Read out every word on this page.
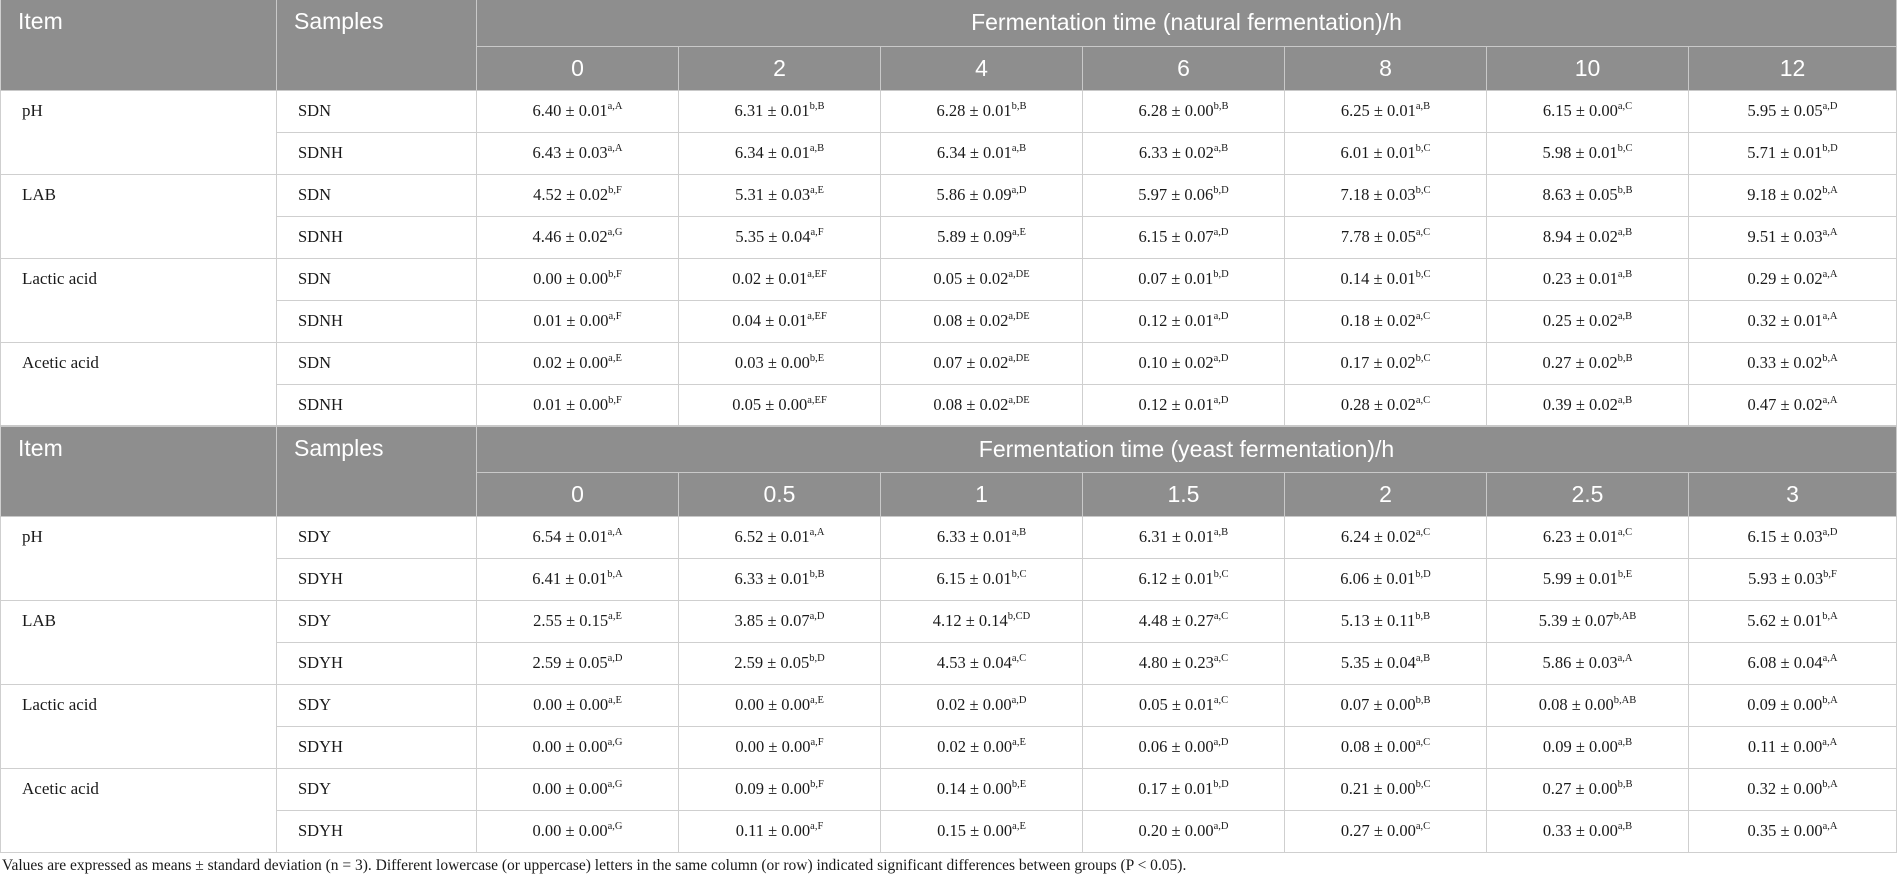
Item	Samples	Fermentation time (natural fermentation)/h						
		0	2	4	6	8	10	12
pH	SDN	$6.40 \pm 0.01^{a,A}$	$6.31 \pm 0.01^{b,B}$	$6.28 \pm 0.01^{b,B}$	$6.28 \pm 0.00^{b,B}$	$6.25 \pm 0.01^{a,B}$	$6.15 \pm 0.00^{a,C}$	$5.95 \pm 0.05^{a,D}$
	SDNH	$6.43 \pm 0.03^{a,A}$	$6.34 \pm 0.01^{a,B}$	$6.34 \pm 0.01^{a,B}$	$6.33 \pm 0.02^{a,B}$	$6.01 \pm 0.01^{b,C}$	$5.98 \pm 0.01^{b,C}$	$5.71 \pm 0.01^{b,D}$
LAB	SDN	$4.52 \pm 0.02^{b,F}$	$5.31 \pm 0.03^{a,E}$	$5.86 \pm 0.09^{a,D}$	$5.97 \pm 0.06^{b,D}$	$7.18 \pm 0.03^{b,C}$	$8.63 \pm 0.05^{b,B}$	$9.18 \pm 0.02^{b,A}$
	SDNH	$4.46 \pm 0.02^{a,G}$	$5.35 \pm 0.04^{a,F}$	$5.89 \pm 0.09^{a,E}$	$6.15 \pm 0.07^{a,D}$	$7.78 \pm 0.05^{a,C}$	$8.94 \pm 0.02^{a,B}$	$9.51 \pm 0.03^{a,A}$
Lactic acid	SDN	$0.00 \pm 0.00^{b,F}$	$0.02 \pm 0.01^{a,EF}$	$0.05 \pm 0.02^{a,DE}$	$0.07 \pm 0.01^{b,D}$	$0.14 \pm 0.01^{b,C}$	$0.23 \pm 0.01^{a,B}$	$0.29 \pm 0.02^{a,A}$
	SDNH	$0.01 \pm 0.00^{a,F}$	$0.04 \pm 0.01^{a,EF}$	$0.08 \pm 0.02^{a,DE}$	$0.12 \pm 0.01^{a,D}$	$0.18 \pm 0.02^{a,C}$	$0.25 \pm 0.02^{a,B}$	$0.32 \pm 0.01^{a,A}$
Acetic acid	SDN	$0.02 \pm 0.00^{a,E}$	$0.03 \pm 0.00^{b,E}$	$0.07 \pm 0.02^{a,DE}$	$0.10 \pm 0.02^{a,D}$	$0.17 \pm 0.02^{b,C}$	$0.27 \pm 0.02^{b,B}$	$0.33 \pm 0.02^{b,A}$
	SDNH	$0.01 \pm 0.00^{b,F}$	$0.05 \pm 0.00^{a,EF}$	$0.08 \pm 0.02^{a,DE}$	$0.12 \pm 0.01^{a,D}$	$0.28 \pm 0.02^{a,C}$	$0.39 \pm 0.02^{a,B}$	$0.47 \pm 0.02^{a,A}$
Item	Samples	Fermentation time (yeast fermentation)/h						
		0	0.5	1	1.5	2	2.5	3
pH	SDY	$6.54 \pm 0.01^{a,A}$	$6.52 \pm 0.01^{a,A}$	$6.33 \pm 0.01^{a,B}$	$6.31 \pm 0.01^{a,B}$	$6.24 \pm 0.02^{a,C}$	$6.23 \pm 0.01^{a,C}$	$6.15 \pm 0.03^{a,D}$
	SDYH	$6.41 \pm 0.01^{b,A}$	$6.33 \pm 0.01^{b,B}$	$6.15 \pm 0.01^{b,C}$	$6.12 \pm 0.01^{b,C}$	$6.06 \pm 0.01^{b,D}$	$5.99 \pm 0.01^{b,E}$	$5.93 \pm 0.03^{b,F}$
LAB	SDY	$2.55 \pm 0.15^{a,E}$	$3.85 \pm 0.07^{a,D}$	$4.12 \pm 0.14^{b,CD}$	$4.48 \pm 0.27^{a,C}$	$5.13 \pm 0.11^{b,B}$	$5.39 \pm 0.07^{b,AB}$	$5.62 \pm 0.01^{b,A}$
	SDYH	$2.59 \pm 0.05^{a,D}$	$2.59 \pm 0.05^{b,D}$	$4.53 \pm 0.04^{a,C}$	$4.80 \pm 0.23^{a,C}$	$5.35 \pm 0.04^{a,B}$	$5.86 \pm 0.03^{a,A}$	$6.08 \pm 0.04^{a,A}$
Lactic acid	SDY	$0.00 \pm 0.00^{a,E}$	$0.00 \pm 0.00^{a,E}$	$0.02 \pm 0.00^{a,D}$	$0.05 \pm 0.01^{a,C}$	$0.07 \pm 0.00^{b,B}$	$0.08 \pm 0.00^{b,AB}$	$0.09 \pm 0.00^{b,A}$
	SDYH	$0.00 \pm 0.00^{a,G}$	$0.00 \pm 0.00^{a,F}$	$0.02 \pm 0.00^{a,E}$	$0.06 \pm 0.00^{a,D}$	$0.08 \pm 0.00^{a,C}$	$0.09 \pm 0.00^{a,B}$	$0.11 \pm 0.00^{a,A}$
Acetic acid	SDY	$0.00 \pm 0.00^{a,G}$	$0.09 \pm 0.00^{b,F}$	$0.14 \pm 0.00^{b,E}$	$0.17 \pm 0.01^{b,D}$	$0.21 \pm 0.00^{b,C}$	$0.27 \pm 0.00^{b,B}$	$0.32 \pm 0.00^{b,A}$
	SDYH	$0.00 \pm 0.00^{a,G}$	$0.11 \pm 0.00^{a,F}$	$0.15 \pm 0.00^{a,E}$	$0.20 \pm 0.00^{a,D}$	$0.27 \pm 0.00^{a,C}$	$0.33 \pm 0.00^{a,B}$	$0.35 \pm 0.00^{a,A}$
Values are expressed as means ± standard deviation (n = 3). Different lowercase (or uppercase) letters in the same column (or row) indicated significant differences between groups (P < 0.05).
